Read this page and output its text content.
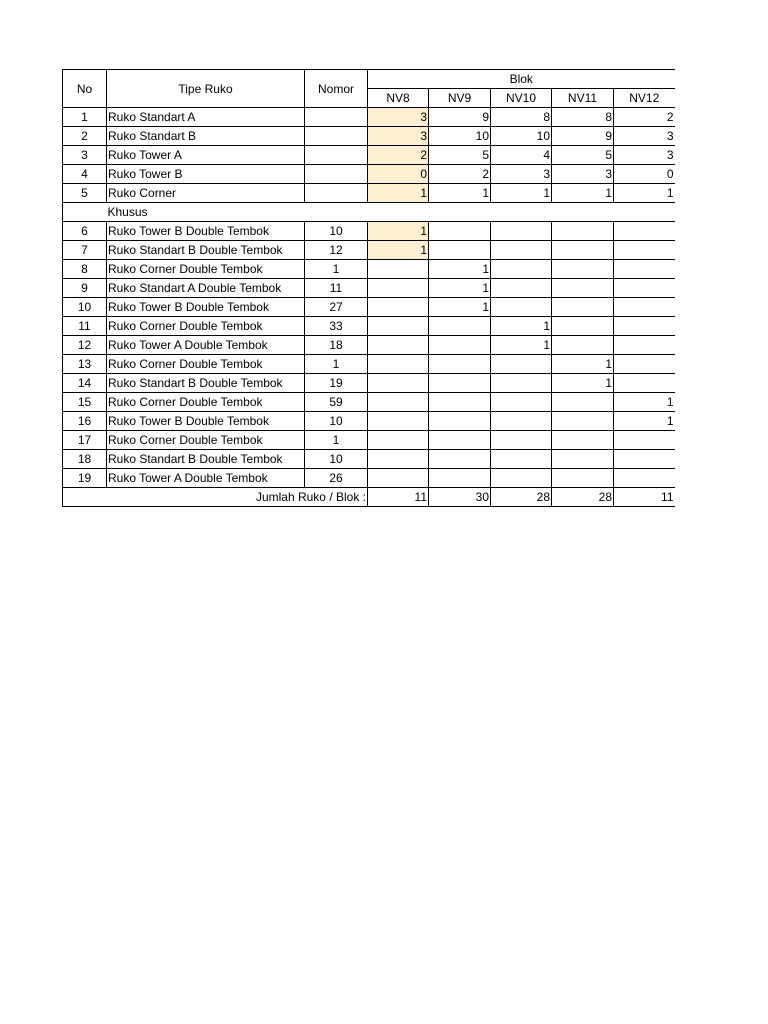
No	Tipe Ruko	Nomor	Blok				
			NV8	NV9	NV10	NV11	NV12
1	Ruko Standart A		3	9	8	8	2
2	Ruko Standart B		3	10	10	9	3
3	Ruko Tower A		2	5	4	5	3
4	Ruko Tower B		0	2	3	3	0
5	Ruko Corner		1	1	1	1	1
	Khusus						
6	Ruko Tower B Double Tembok	10	1				
7	Ruko Standart B Double Tembok	12	1				
8	Ruko Corner Double Tembok	1		1			
9	Ruko Standart A Double Tembok	11		1			
10	Ruko Tower B Double Tembok	27		1			
11	Ruko Corner Double Tembok	33			1		
12	Ruko Tower A Double Tembok	18			1		
13	Ruko Corner Double Tembok	1				1	
14	Ruko Standart B Double Tembok	19				1	
15	Ruko Corner Double Tembok	59					1
16	Ruko Tower B Double Tembok	10					1
17	Ruko Corner Double Tembok	1					
18	Ruko Standart B Double Tembok	10					
19	Ruko Tower A Double Tembok	26					
Jumlah Ruko / Blok :			11	30	28	28	11
